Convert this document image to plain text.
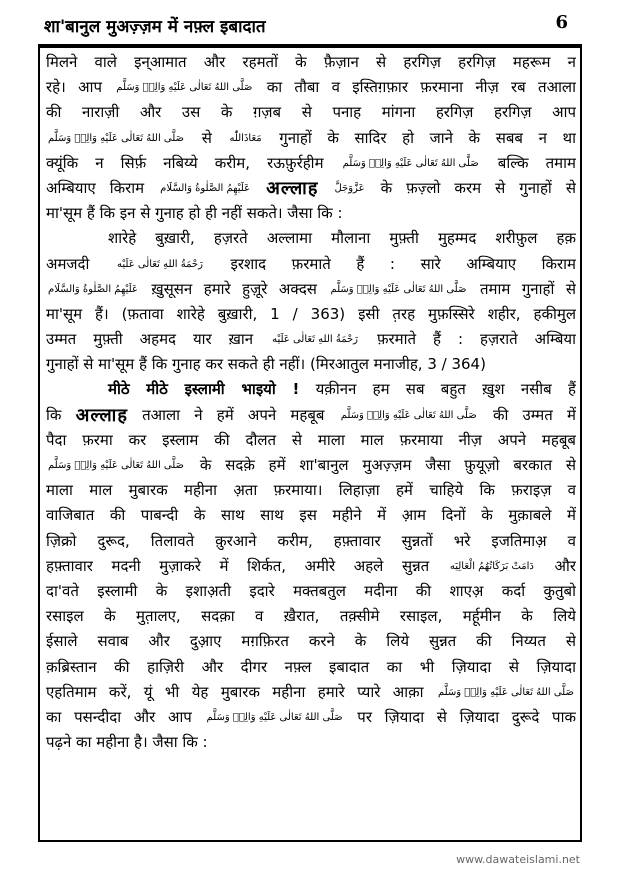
शा'बानुल मुअज़्ज़म में नफ़्ल इबादात	6
मिलने वाले इन्आमात और रहमतों के फ़ैज़ान से हरगिज़ हरगिज़ महरूम न
रहे। आप صَلَّى اللهُ تَعَالٰى عَلَيْهِ وَالِهٖ وَسَلَّم का तौबा व इस्तिग़फ़ार फ़रमाना नीज़ रब तआला
की नाराज़ी और उस के ग़ज़ब से पनाह मांगना हरगिज़ हरगिज़ आप
صَلَّى اللهُ تَعَالٰى عَلَيْهِ وَالِهٖ وَسَلَّم से مَعَاذَاللّٰه गुनाहों के सादिर हो जाने के सबब न था
क्यूंकि न सिर्फ़ नबिय्ये करीम, रऊफ़ुर्रहीम صَلَّى اللهُ تَعَالٰى عَلَيْهِ وَالِهٖ وَسَلَّم बल्कि तमाम
अम्बियाए किराम عَلَيْهِمُ الصَّلٰوةُ وَالسَّلَام अल्लाह عَزَّوَجَلَّ के फ़ज़्लो करम से गुनाहों से
मा'सूम हैं कि इन से गुनाह हो ही नहीं सकते। जैसा कि :
शारेहे बुख़ारी, हज़रते अल्लामा मौलाना मुफ़्ती मुहम्मद शरीफ़ुल हक़
अमजदी	رَحْمَةُ اللهِ تَعَالٰى عَلَيْه इरशाद फ़रमाते हैं : सारे अम्बियाए किराम
عَلَيْهِمُ الصَّلٰوةُ وَالسَّلَام ख़ुसूसन हमारे हुज़ूरे अक्दस صَلَّى اللهُ تَعَالٰى عَلَيْهِ وَالِهٖ وَسَلَّم तमाम गुनाहों से
मा'सूम हैं। (फ़तावा शारेहे बुख़ारी, 1 / 363) इसी त़रह मुफ़स्सिरे शहीर, हकीमुल
उम्मत मुफ़्ती अहमद यार ख़ान رَحْمَةُ اللهِ تَعَالٰى عَلَيْه फ़रमाते हैं : हज़राते अम्बिया
गुनाहों से मा'सूम हैं कि गुनाह कर सकते ही नहीं। (मिरआतुल मनाजीह, 3 / 364)
मीठे मीठे इस्लामी भाइयो ! यक़ीनन हम सब बहुत ख़ुश नसीब हैं
कि अल्लाह तआला ने हमें अपने महबूब صَلَّى اللهُ تَعَالٰى عَلَيْهِ وَالِهٖ وَسَلَّم की उम्मत में
पैदा फ़रमा कर इस्लाम की दौलत से माला माल फ़रमाया नीज़ अपने महबूब
صَلَّى اللهُ تَعَالٰى عَلَيْهِ وَالِهٖ وَسَلَّم के सदक़े हमें शा'बानुल मुअज़्ज़म जैसा फ़ुयूज़ो बरकात से
माला माल मुबारक महीना अ़ता फ़रमाया। लिहाज़ा हमें चाहिये कि फ़राइज़ व
वाजिबात की पाबन्दी के साथ साथ इस महीने में आ़म दिनों के मुक़ाबले में
ज़िक्रो दुरूद, तिलावते क़ुरआने करीम, हफ़्तावार सुन्नतों भरे इजतिमाअ़ व
हफ़्तावार मदनी मुज़ाकरे में शिर्कत, अमीरे अहले सुन्नत دَامَتْ بَرَكَاتُهُمُ الْعَالِيَه और
दा'वते इस्लामी के इशाअ़ती इदारे मक्तबतुल मदीना की शाएअ़ कर्दा कुतुबो
रसाइल के मुत़ालए, सदक़ा व ख़ैरात, तक़्सीमे रसाइल, मर्हूमीन के लिये
ईसाले सवाब और दुआ़ए मग़फ़िरत करने के लिये सुन्नत की निय्यत से
क़ब्रिस्तान की हाज़िरी और दीगर नफ़्ल इबादात का भी ज़ियादा से ज़ियादा
एहतिमाम करें, यूं भी येह मुबारक महीना हमारे प्यारे आक़ा صَلَّى اللهُ تَعَالٰى عَلَيْهِ وَالِهٖ وَسَلَّم
का पसन्दीदा और आप صَلَّى اللهُ تَعَالٰى عَلَيْهِ وَالِهٖ وَسَلَّم पर ज़ियादा से ज़ियादा दुरूदे पाक
पढ़ने का महीना है। जैसा कि :
www.dawateislami.net
